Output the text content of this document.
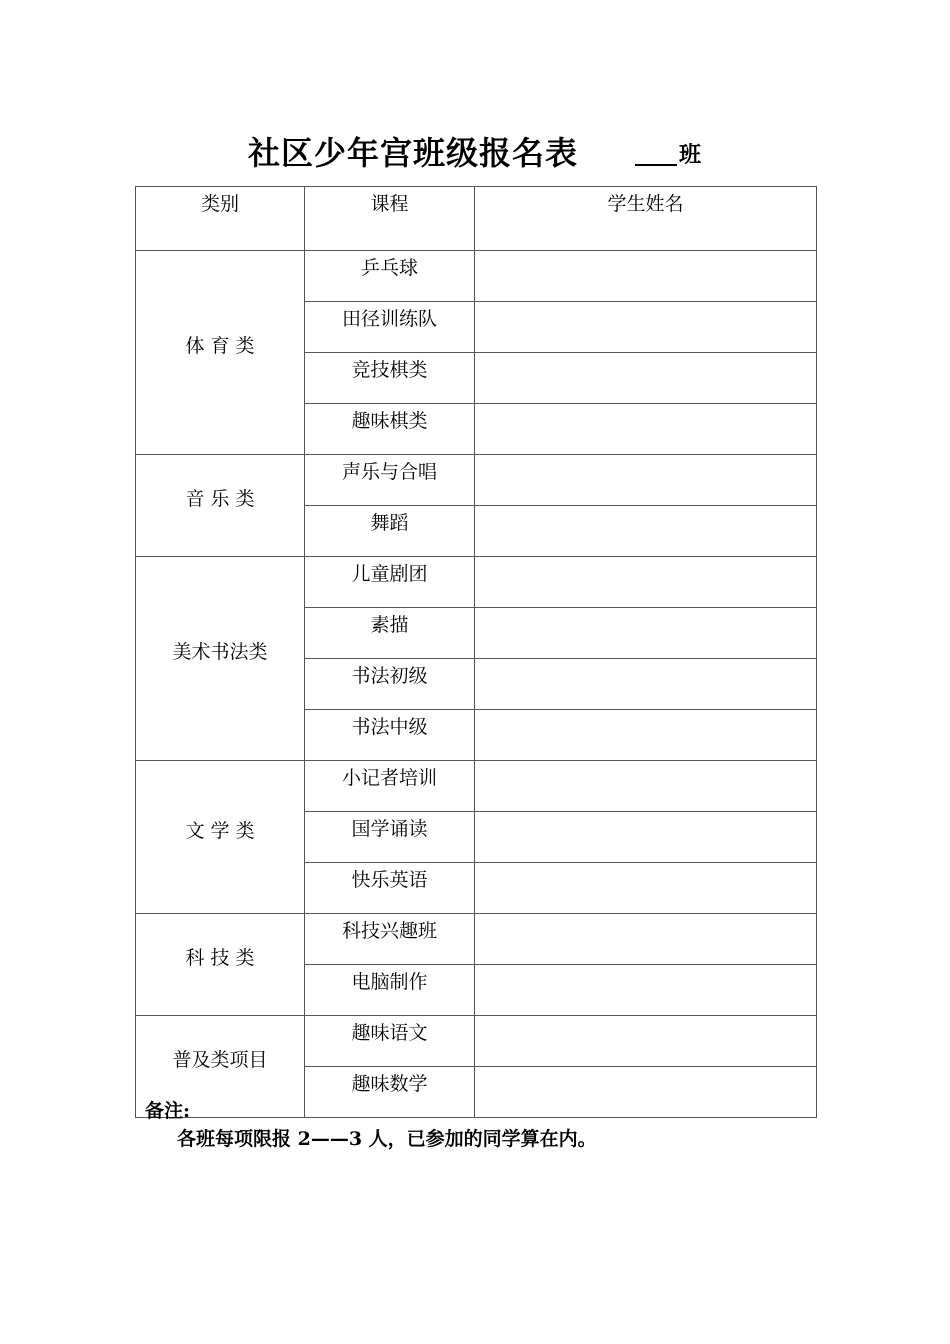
社区少年宫班级报名表	班
类别	课程	学生姓名
体 育 类	乒乓球	
	田径训练队	
	竞技棋类	
	趣味棋类	
音 乐 类	声乐与合唱	
	舞蹈	
美术书法类	儿童剧团	
	素描	
	书法初级	
	书法中级	
文 学 类	小记者培训	
	国学诵读	
	快乐英语	
科 技 类	科技兴趣班	
	电脑制作	
普及类项目	趣味语文	
	趣味数学	
备注:
各班每项限报 2——3 人，已参加的同学算在内。
